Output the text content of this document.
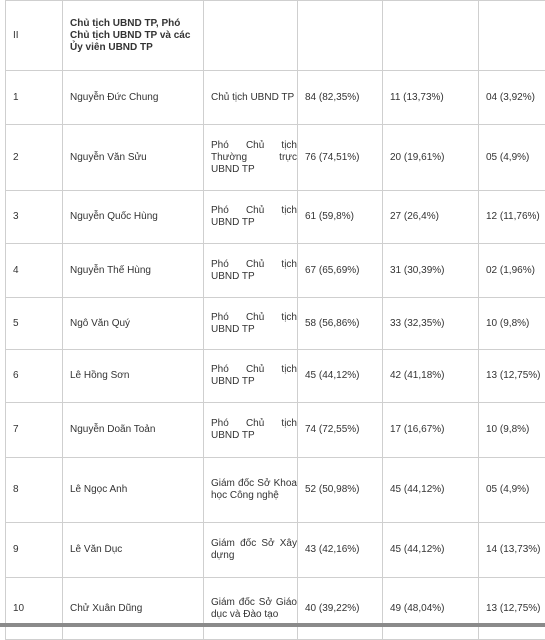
II	Chủ tịch UBND TP, Phó Chủ tịch UBND TP và các Ủy viên UBND TP				

1	Nguyễn Đức Chung	Chủ tịch UBND TP	84 (82,35%)	11 (13,73%)	04 (3,92%)
2	Nguyễn Văn Sửu	Phó Chủ tịch Thường trực UBND TP	76 (74,51%)	20 (19,61%)	05 (4,9%)
3	Nguyễn Quốc Hùng	Phó Chủ tịch UBND TP	61 (59,8%)	27 (26,4%)	12 (11,76%)
4	Nguyễn Thế Hùng	Phó Chủ tịch UBND TP	67 (65,69%)	31 (30,39%)	02 (1,96%)
5	Ngô Văn Quý	Phó Chủ tịch UBND TP	58 (56,86%)	33 (32,35%)	10 (9,8%)
6	Lê Hồng Sơn	Phó Chủ tịch UBND TP	45 (44,12%)	42 (41,18%)	13 (12,75%)
7	Nguyễn Doãn Toản	Phó Chủ tịch UBND TP	74 (72,55%)	17 (16,67%)	10 (9,8%)
8	Lê Ngọc Anh	Giám đốc Sở Khoa học Công nghệ	52 (50,98%)	45 (44,12%)	05 (4,9%)
9	Lê Văn Dục	Giám đốc Sở Xây dựng	43 (42,16%)	45 (44,12%)	14 (13,73%)
10	Chử Xuân Dũng	Giám đốc Sở Giáo dục và Đào tạo	40 (39,22%)	49 (48,04%)	13 (12,75%)
